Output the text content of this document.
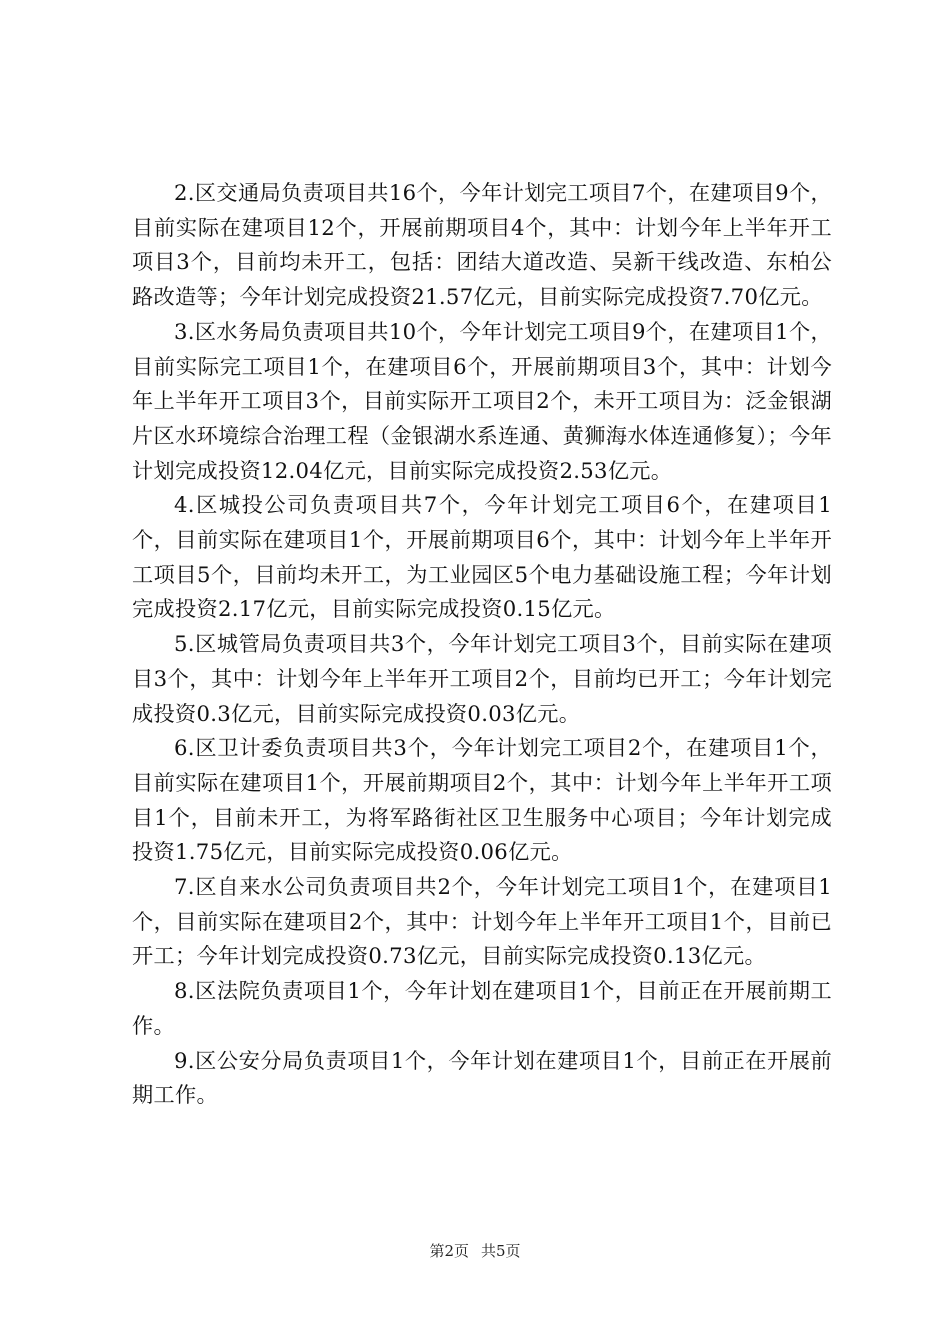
2.区交通局负责项目共16个，今年计划完工项目7个，在建项目9个，目前实际在建项目12个，开展前期项目4个，其中：计划今年上半年开工项目3个，目前均未开工，包括：团结大道改造、吴新干线改造、东柏公路改造等；今年计划完成投资21.57亿元，目前实际完成投资7.70亿元。

3.区水务局负责项目共10个，今年计划完工项目9个，在建项目1个，目前实际完工项目1个，在建项目6个，开展前期项目3个，其中：计划今年上半年开工项目3个，目前实际开工项目2个，未开工项目为：泛金银湖片区水环境综合治理工程（金银湖水系连通、黄狮海水体连通修复）；今年计划完成投资12.04亿元，目前实际完成投资2.53亿元。

4.区城投公司负责项目共7个，今年计划完工项目6个，在建项目1个，目前实际在建项目1个，开展前期项目6个，其中：计划今年上半年开工项目5个，目前均未开工，为工业园区5个电力基础设施工程；今年计划完成投资2.17亿元，目前实际完成投资0.15亿元。

5.区城管局负责项目共3个，今年计划完工项目3个，目前实际在建项目3个，其中：计划今年上半年开工项目2个，目前均已开工；今年计划完成投资0.3亿元，目前实际完成投资0.03亿元。

6.区卫计委负责项目共3个，今年计划完工项目2个，在建项目1个，目前实际在建项目1个，开展前期项目2个，其中：计划今年上半年开工项目1个，目前未开工，为将军路街社区卫生服务中心项目；今年计划完成投资1.75亿元，目前实际完成投资0.06亿元。

7.区自来水公司负责项目共2个，今年计划完工项目1个，在建项目1个，目前实际在建项目2个，其中：计划今年上半年开工项目1个，目前已开工；今年计划完成投资0.73亿元，目前实际完成投资0.13亿元。

8.区法院负责项目1个，今年计划在建项目1个，目前正在开展前期工作。

9.区公安分局负责项目1个，今年计划在建项目1个，目前正在开展前期工作。

第2页 共5页
